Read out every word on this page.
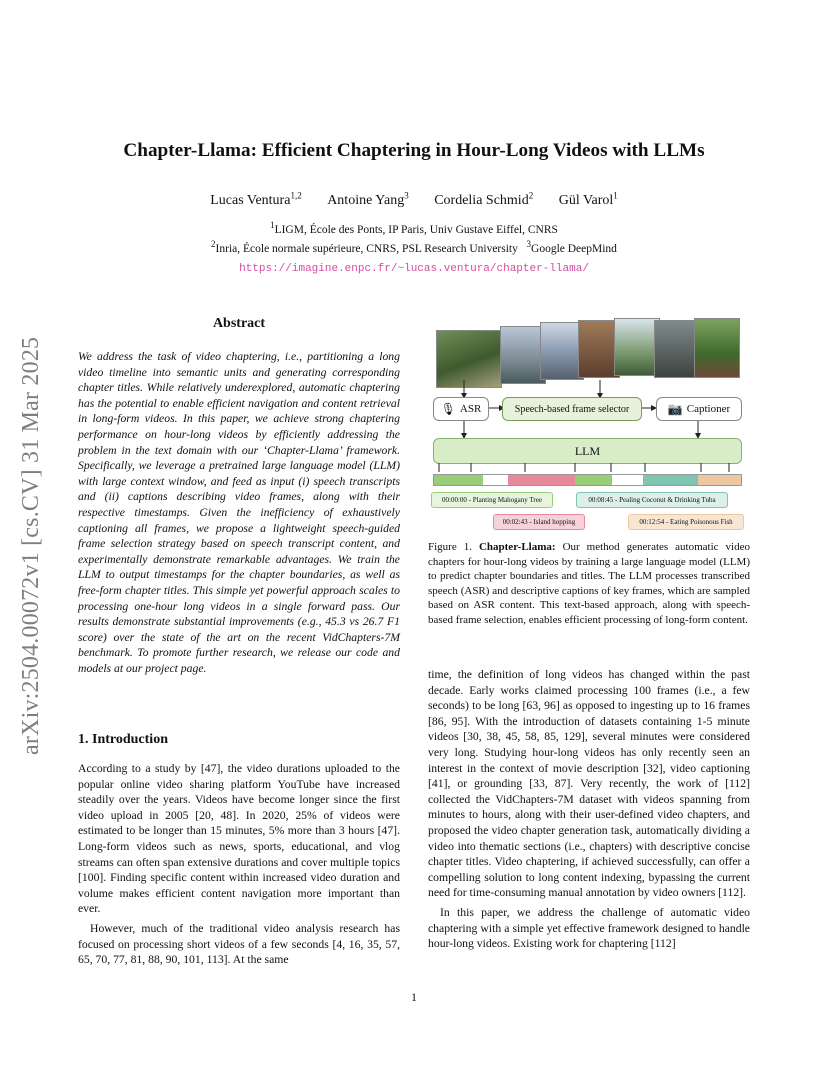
arXiv:2504.00072v1 [cs.CV] 31 Mar 2025
Chapter-Llama: Efficient Chaptering in Hour-Long Videos with LLMs
Lucas Ventura$^{1,2}$ Antoine Yang$^3$ Cordelia Schmid$^2$ Gül Varol$^1$
$^1$LIGM, École des Ponts, IP Paris, Univ Gustave Eiffel, CNRS
$^2$Inria, École normale supérieure, CNRS, PSL Research University $^3$Google DeepMind
https://imagine.enpc.fr/~lucas.ventura/chapter-llama/
Abstract
We address the task of video chaptering, i.e., partitioning a long video timeline into semantic units and generating corresponding chapter titles. While relatively underexplored, automatic chaptering has the potential to enable efficient navigation and content retrieval in long-form videos. In this paper, we achieve strong chaptering performance on hour-long videos by efficiently addressing the problem in the text domain with our ‘Chapter-Llama’ framework. Specifically, we leverage a pretrained large language model (LLM) with large context window, and feed as input (i) speech transcripts and (ii) captions describing video frames, along with their respective timestamps. Given the inefficiency of exhaustively captioning all frames, we propose a lightweight speech-guided frame selection strategy based on speech transcript content, and experimentally demonstrate remarkable advantages. We train the LLM to output timestamps for the chapter boundaries, as well as free-form chapter titles. This simple yet powerful approach scales to processing one-hour long videos in a single forward pass. Our results demonstrate substantial improvements (e.g., 45.3 vs 26.7 F1 score) over the state of the art on the recent VidChapters-7M benchmark. To promote further research, we release our code and models at our project page.
1. Introduction

According to a study by [47], the video durations uploaded to the popular online video sharing platform YouTube have increased steadily over the years. Videos have become longer since the first video upload in 2005 [20, 48]. In 2020, 25% of videos were estimated to be longer than 15 minutes, 5% more than 3 hours [47]. Long-form videos such as news, sports, educational, and vlog streams can often span extensive durations and cover multiple topics [100]. Finding specific content within increased video duration and volume makes efficient content navigation more important than ever.

However, much of the traditional video analysis research has focused on processing short videos of a few seconds [4, 16, 35, 57, 65, 70, 77, 81, 88, 90, 101, 113]. At the same

🎙 ASR	Speech-based frame selector	📷 Captioner
LLM
00:00:00 - Planting Mahogany Tree
00:02:43 - Island hopping
00:08:45 - Pealing Coconut & Drinking Tuba
00:12:54 - Eating Poisonous Fish
Figure 1. Chapter-Llama: Our method generates automatic video chapters for hour-long videos by training a large language model (LLM) to predict chapter boundaries and titles. The LLM processes transcribed speech (ASR) and descriptive captions of key frames, which are sampled based on ASR content. This text-based approach, along with speech-based frame selection, enables efficient processing of long-form content.

time, the definition of long videos has changed within the past decade. Early works claimed processing 100 frames (i.e., a few seconds) to be long [63, 96] as opposed to ingesting up to 16 frames [86, 95]. With the introduction of datasets containing 1-5 minute videos [30, 38, 45, 58, 85, 129], several minutes were considered very long. Studying hour-long videos has only recently seen an interest in the context of movie description [32], video captioning [41], or grounding [33, 87]. Very recently, the work of [112] collected the VidChapters-7M dataset with videos spanning from minutes to hours, along with their user-defined video chapters, and proposed the video chapter generation task, automatically dividing a video into thematic sections (i.e., chapters) with descriptive concise chapter titles. Video chaptering, if achieved successfully, can offer a compelling solution to long content indexing, bypassing the current need for time-consuming manual annotation by video owners [112].

In this paper, we address the challenge of automatic video chaptering with a simple yet effective framework designed to handle hour-long videos. Existing work for chaptering [112]

1
